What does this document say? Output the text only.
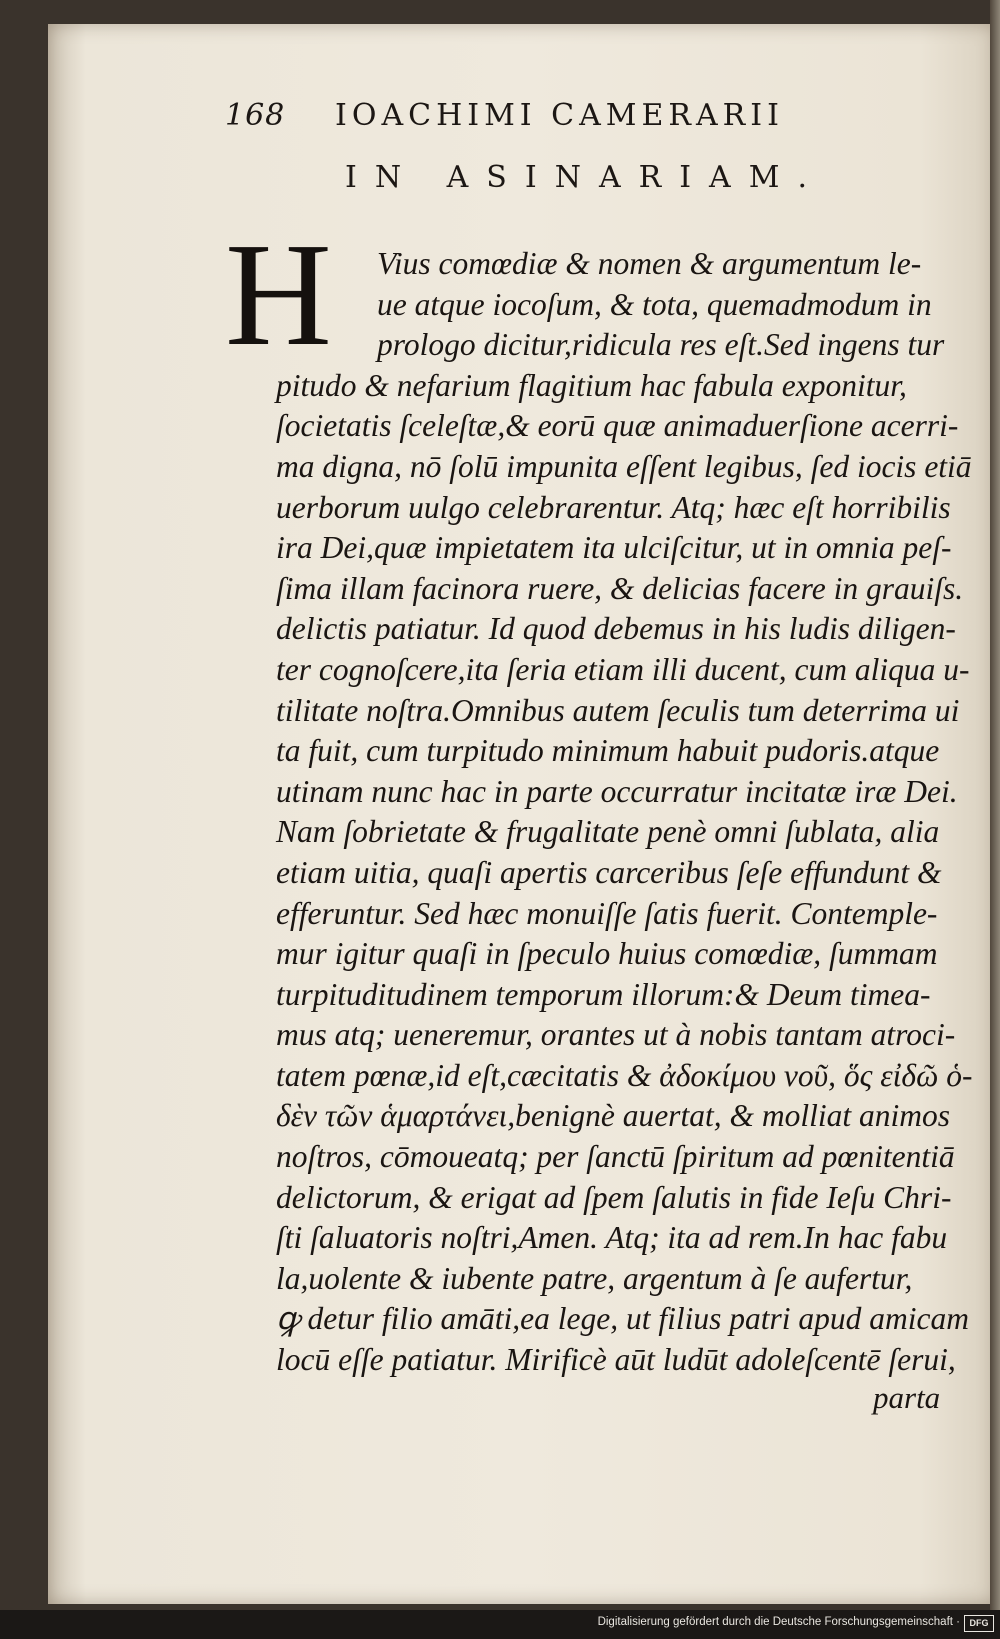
168 IOACHIMI CAMERARII
IN ASINARIAM.
H	Vius comœdiæ & nomen & argumentum le-
ue atque iocoſum, & tota, quemadmodum in
prologo dicitur,ridicula res eſt.Sed ingens tur
pitudo & nefarium flagitium hac fabula exponitur,
ſocietatis ſceleſtæ,& eorū quæ animaduerſione acerri-
ma digna, nō ſolū impunita eſſent legibus, ſed iocis etiā
uerborum uulgo celebrarentur. Atq; hæc eſt horribilis
ira Dei,quæ impietatem ita ulciſcitur, ut in omnia peſ-
ſima illam facinora ruere, & delicias facere in grauiſs.
delictis patiatur. Id quod debemus in his ludis diligen-
ter cognoſcere,ita ſeria etiam illi ducent, cum aliqua u-
tilitate noſtra.Omnibus autem ſeculis tum deterrima ui
ta fuit, cum turpitudo minimum habuit pudoris.atque
utinam nunc hac in parte occurratur incitatæ iræ Dei.
Nam ſobrietate & frugalitate penè omni ſublata, alia
etiam uitia, quaſi apertis carceribus ſeſe effundunt &
efferuntur. Sed hæc monuiſſe ſatis fuerit. Contemple-
mur igitur quaſi in ſpeculo huius comœdiæ, ſummam
turpituditudinem temporum illorum:& Deum timea-
mus atq; ueneremur, orantes ut à nobis tantam atroci-
tatem pœnæ,id eſt,cæcitatis & ἀδοκίμου νοῦ, ὅς εἰδῶ ὁ-
δὲν τῶν ἁμαρτάνει,benignè auertat, & molliat animos
noſtros, cōmoueatq; per ſanctū ſpiritum ad pœnitentiā
delictorum, & erigat ad ſpem ſalutis in fide Ieſu Chri-
ſti ſaluatoris noſtri,Amen. Atq; ita ad rem.In hac fabu
la,uolente & iubente patre, argentum à ſe aufertur,
ꝙ detur filio amāti,ea lege, ut filius patri apud amicam
locū eſſe patiatur. Mirificè aūt ludūt adoleſcentē ſerui,
parta
Digitalisierung gefördert durch die Deutsche Forschungsgemeinschaft ·	DFG
